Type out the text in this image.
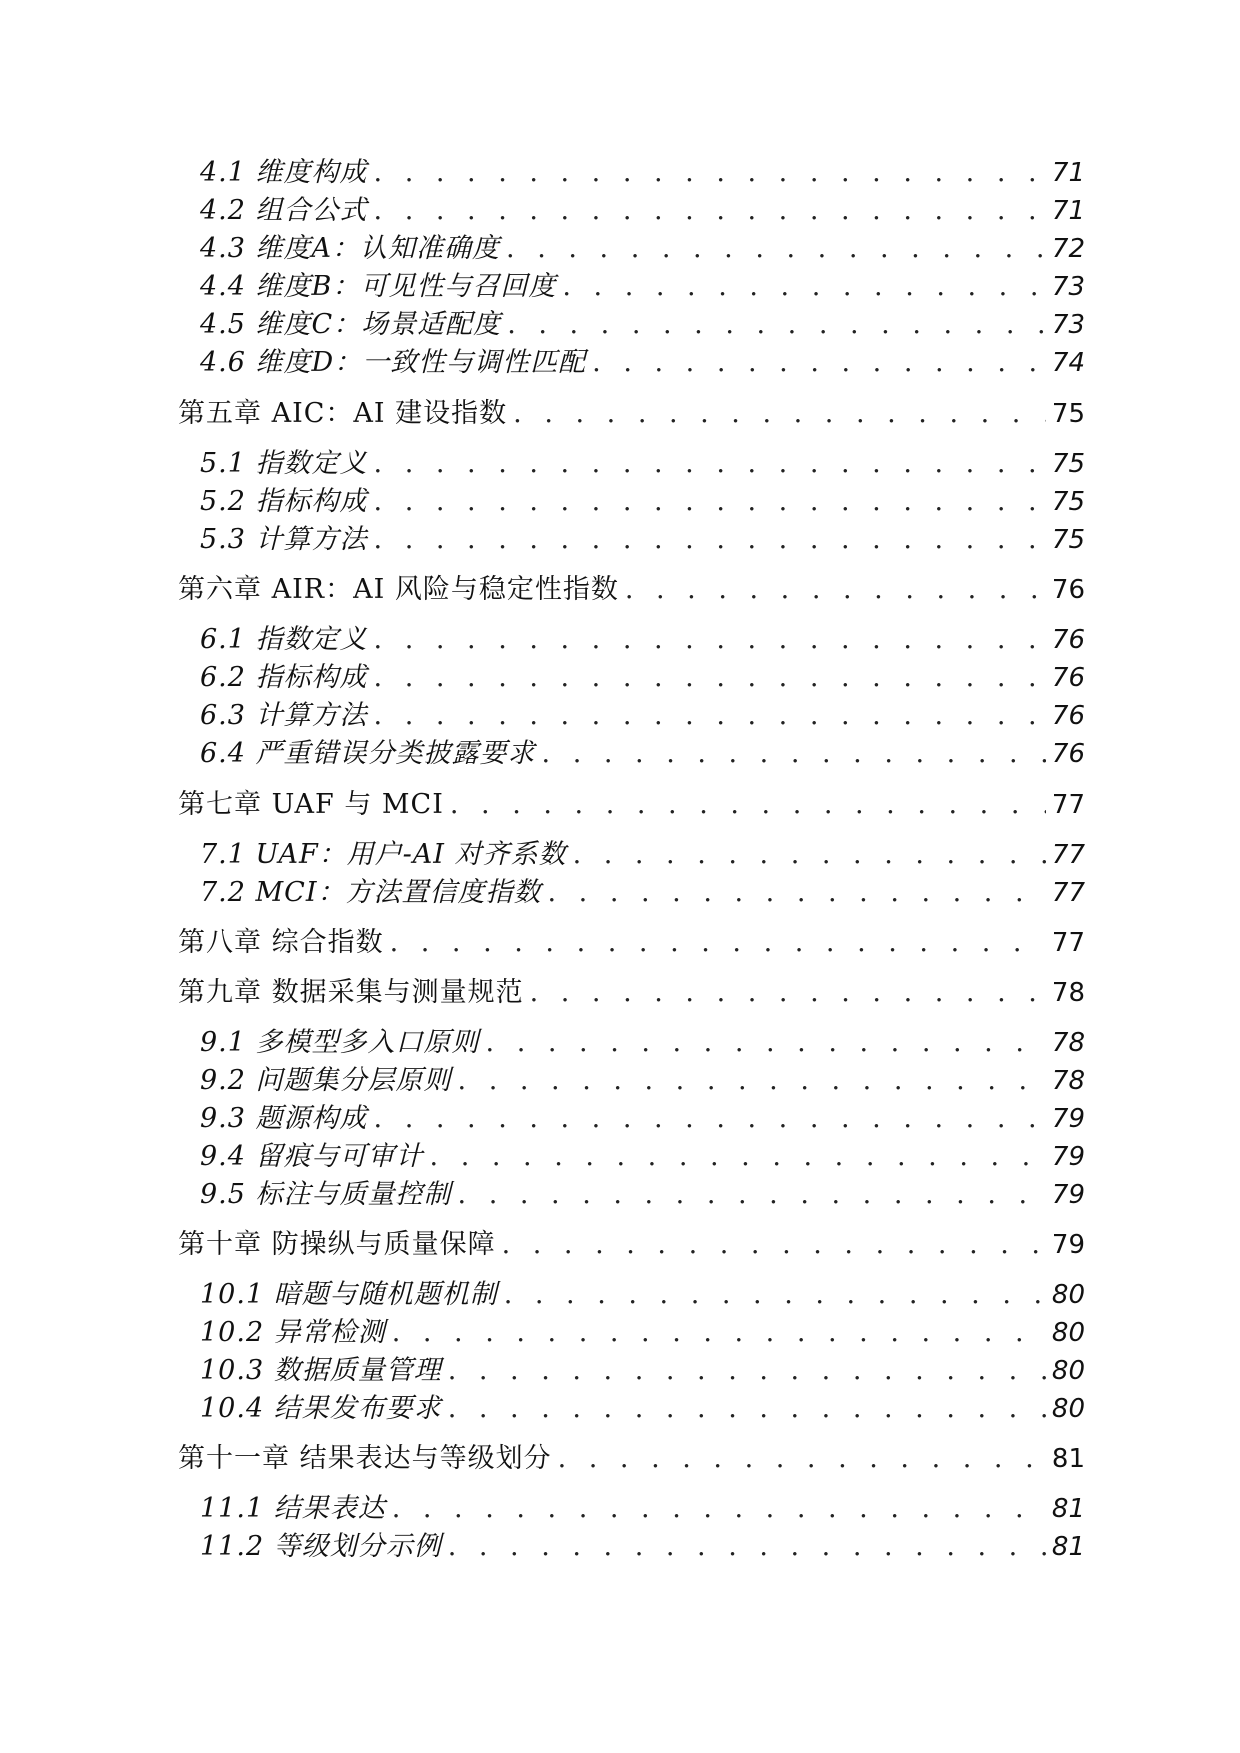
4.1 维度构成 . . .	71
4.2 组合公式 . . .	71
4.3 维度A：认知准确度 . . .	72
4.4 维度B：可见性与召回度 . . .	73
4.5 维度C：场景适配度 . . .	73
4.6 维度D：一致性与调性匹配 . . .	74
第五章 AIC：AI 建设指数 . . .	75
5.1 指数定义 . . .	75
5.2 指标构成 . . .	75
5.3 计算方法 . . .	75
第六章 AIR：AI 风险与稳定性指数 . . .	76
6.1 指数定义 . . .	76
6.2 指标构成 . . .	76
6.3 计算方法 . . .	76
6.4 严重错误分类披露要求 . . .	76
第七章 UAF 与 MCI . . .	77
7.1 UAF：用户-AI 对齐系数 . . .	77
7.2 MCI：方法置信度指数 . . .	77
第八章 综合指数 . . .	77
第九章 数据采集与测量规范 . . .	78
9.1 多模型多入口原则 . . .	78
9.2 问题集分层原则 . . .	78
9.3 题源构成 . . .	79
9.4 留痕与可审计 . . .	79
9.5 标注与质量控制 . . .	79
第十章 防操纵与质量保障 . . .	79
10.1 暗题与随机题机制 . . .	80
10.2 异常检测 . . .	80
10.3 数据质量管理 . . .	80
10.4 结果发布要求 . . .	80
第十一章 结果表达与等级划分 . . .	81
11.1 结果表达 . . .	81
11.2 等级划分示例 . . .	81
